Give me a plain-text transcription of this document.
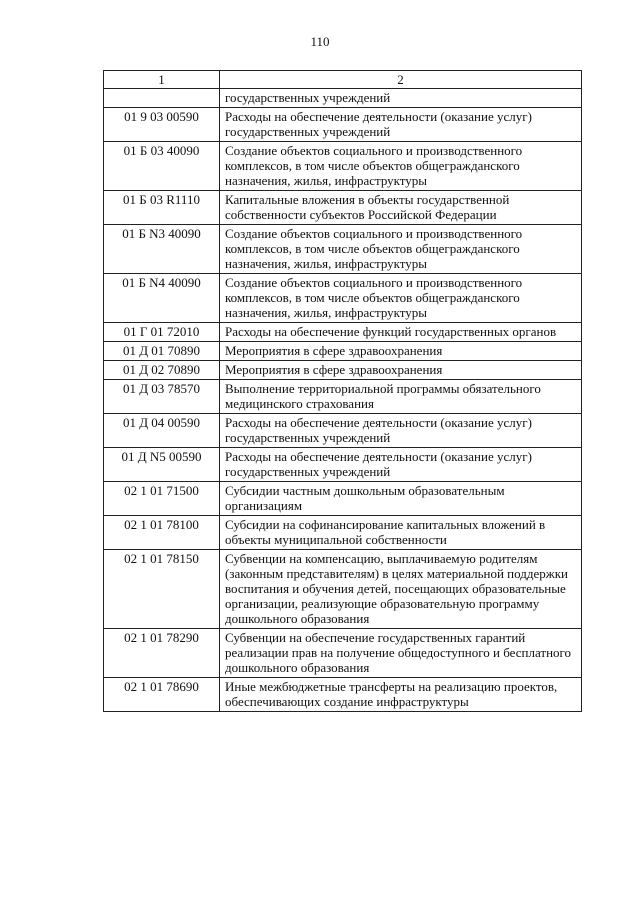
110
1	2
	государственных учреждений
01 9 03 00590	Расходы на обеспечение деятельности (оказание услуг) государственных учреждений
01 Б 03 40090	Создание объектов социального и производственного комплексов, в том числе объектов общегражданского назначения, жилья, инфраструктуры
01 Б 03 R1110	Капитальные вложения в объекты государственной собственности субъектов Российской Федерации
01 Б N3 40090	Создание объектов социального и производственного комплексов, в том числе объектов общегражданского назначения, жилья, инфраструктуры
01 Б N4 40090	Создание объектов социального и производственного комплексов, в том числе объектов общегражданского назначения, жилья, инфраструктуры
01 Г 01 72010	Расходы на обеспечение функций государственных органов
01 Д 01 70890	Мероприятия в сфере здравоохранения
01 Д 02 70890	Мероприятия в сфере здравоохранения
01 Д 03 78570	Выполнение территориальной программы обязательного медицинского страхования
01 Д 04 00590	Расходы на обеспечение деятельности (оказание услуг) государственных учреждений
01 Д N5 00590	Расходы на обеспечение деятельности (оказание услуг) государственных учреждений
02 1 01 71500	Субсидии частным дошкольным образовательным организациям
02 1 01 78100	Субсидии на софинансирование капитальных вложений в объекты муниципальной собственности
02 1 01 78150	Субвенции на компенсацию, выплачиваемую родителям (законным представителям) в целях материальной поддержки воспитания и обучения детей, посещающих образовательные организации, реализующие образовательную программу дошкольного образования
02 1 01 78290	Субвенции на обеспечение государственных гарантий реализации прав на получение общедоступного и бесплатного дошкольного образования
02 1 01 78690	Иные межбюджетные трансферты на реализацию проектов, обеспечивающих создание инфраструктуры
